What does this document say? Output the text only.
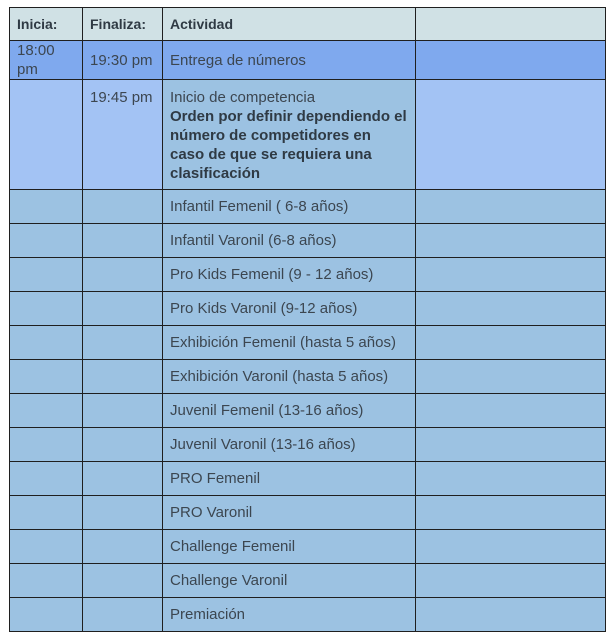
Inicia:	Finaliza:	Actividad	
18:00 pm	19:30 pm	Entrega de números	
	19:45 pm	Inicio de competencia
Orden por definir dependiendo el número de competidores en caso de que se requiera una clasificación	

		Infantil Femenil ( 6-8 años)	
		Infantil Varonil (6-8 años)	
		Pro Kids Femenil (9 - 12 años)	
		Pro Kids Varonil (9-12 años)	
		Exhibición Femenil (hasta 5 años)	
		Exhibición Varonil (hasta 5 años)	
		Juvenil Femenil (13-16 años)	
		Juvenil Varonil (13-16 años)	
		PRO Femenil	
		PRO Varonil	
		Challenge Femenil	
		Challenge Varonil	
		Premiación	
